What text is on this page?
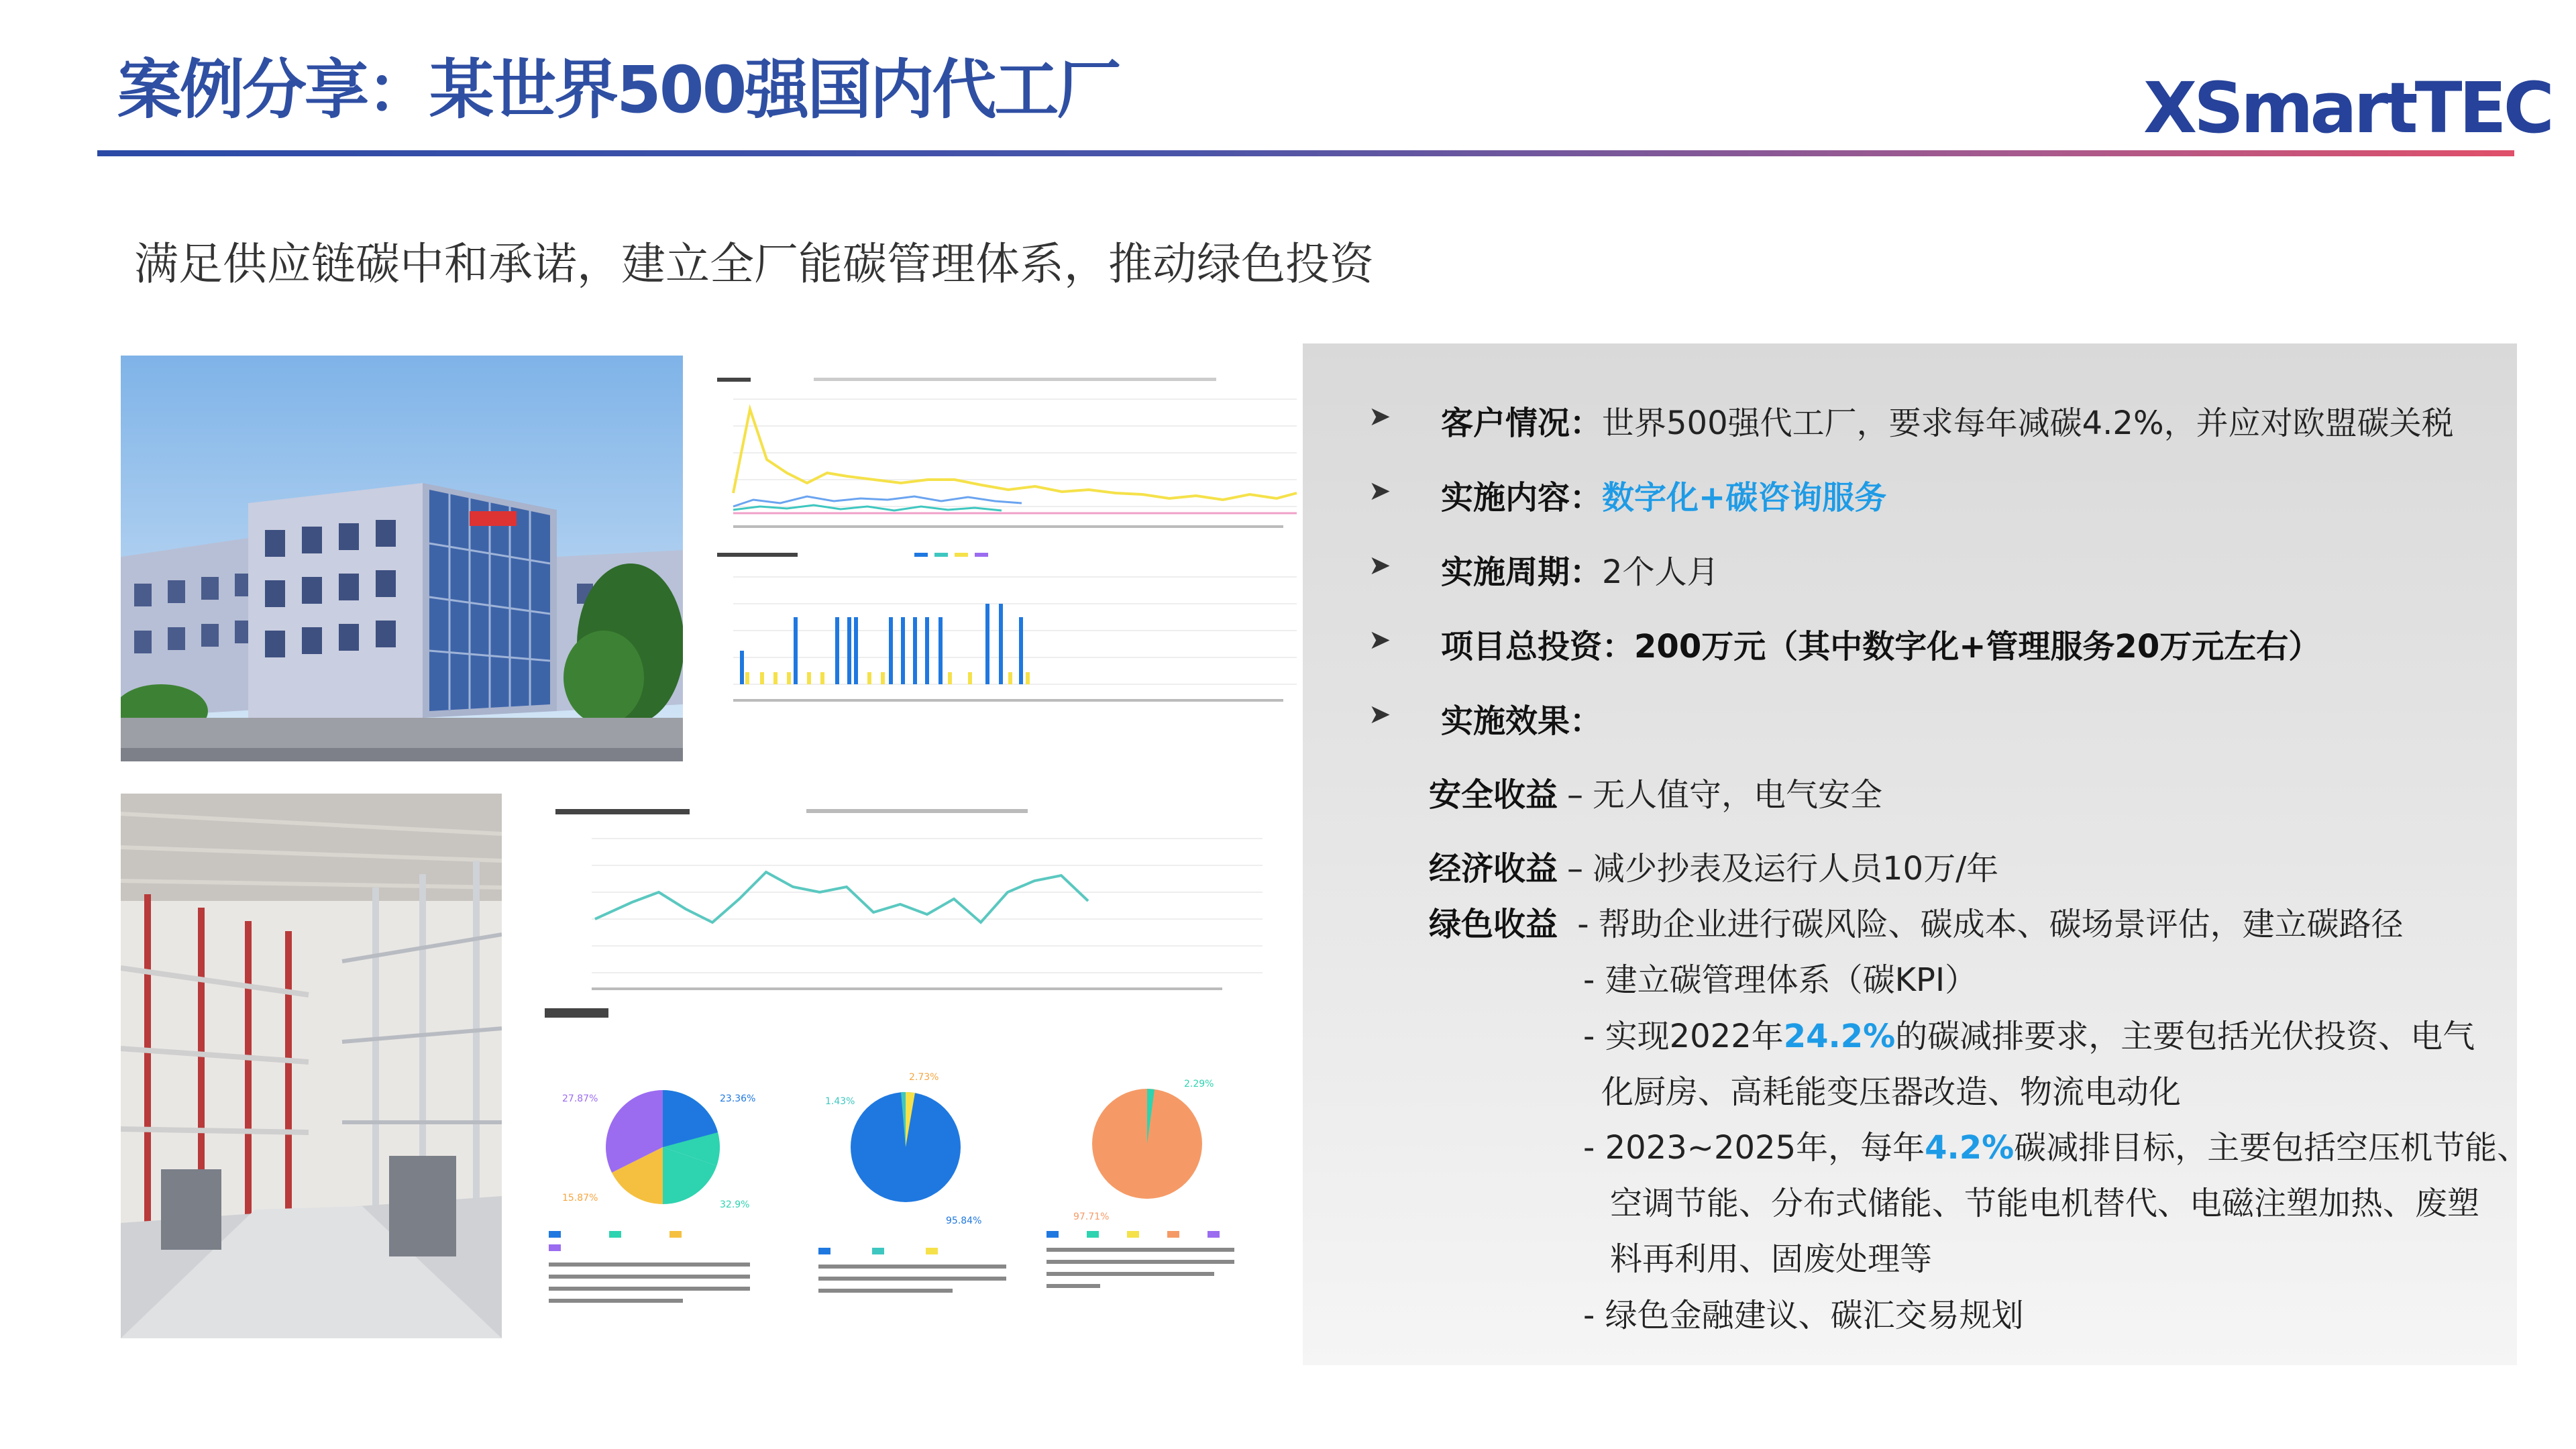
案例分享：某世界500强国内代工厂	XSmartTEC
满足供应链碳中和承诺，建立全厂能碳管理体系，推动绿色投资
27.87%	23.36%
15.87%
32.9%
2.73%
1.43%
95.84%
2.29%
97.71%
➤ 客户情况：世界500强代工厂，要求每年减碳4.2%，并应对欧盟碳关税
➤ 实施内容：数字化+碳咨询服务
➤ 实施周期：2个人月
➤ 项目总投资：200万元（其中数字化+管理服务20万元左右）
➤ 实施效果：
安全收益 – 无人值守，电气安全
经济收益 – 减少抄表及运行人员10万/年
绿色收益 - 帮助企业进行碳风险、碳成本、碳场景评估，建立碳路径
- 建立碳管理体系（碳KPI）
- 实现2022年24.2%的碳减排要求，主要包括光伏投资、电气
化厨房、高耗能变压器改造、物流电动化
- 2023~2025年，每年4.2%碳减排目标，主要包括空压机节能、
空调节能、分布式储能、节能电机替代、电磁注塑加热、废塑
料再利用、固废处理等
- 绿色金融建议、碳汇交易规划
